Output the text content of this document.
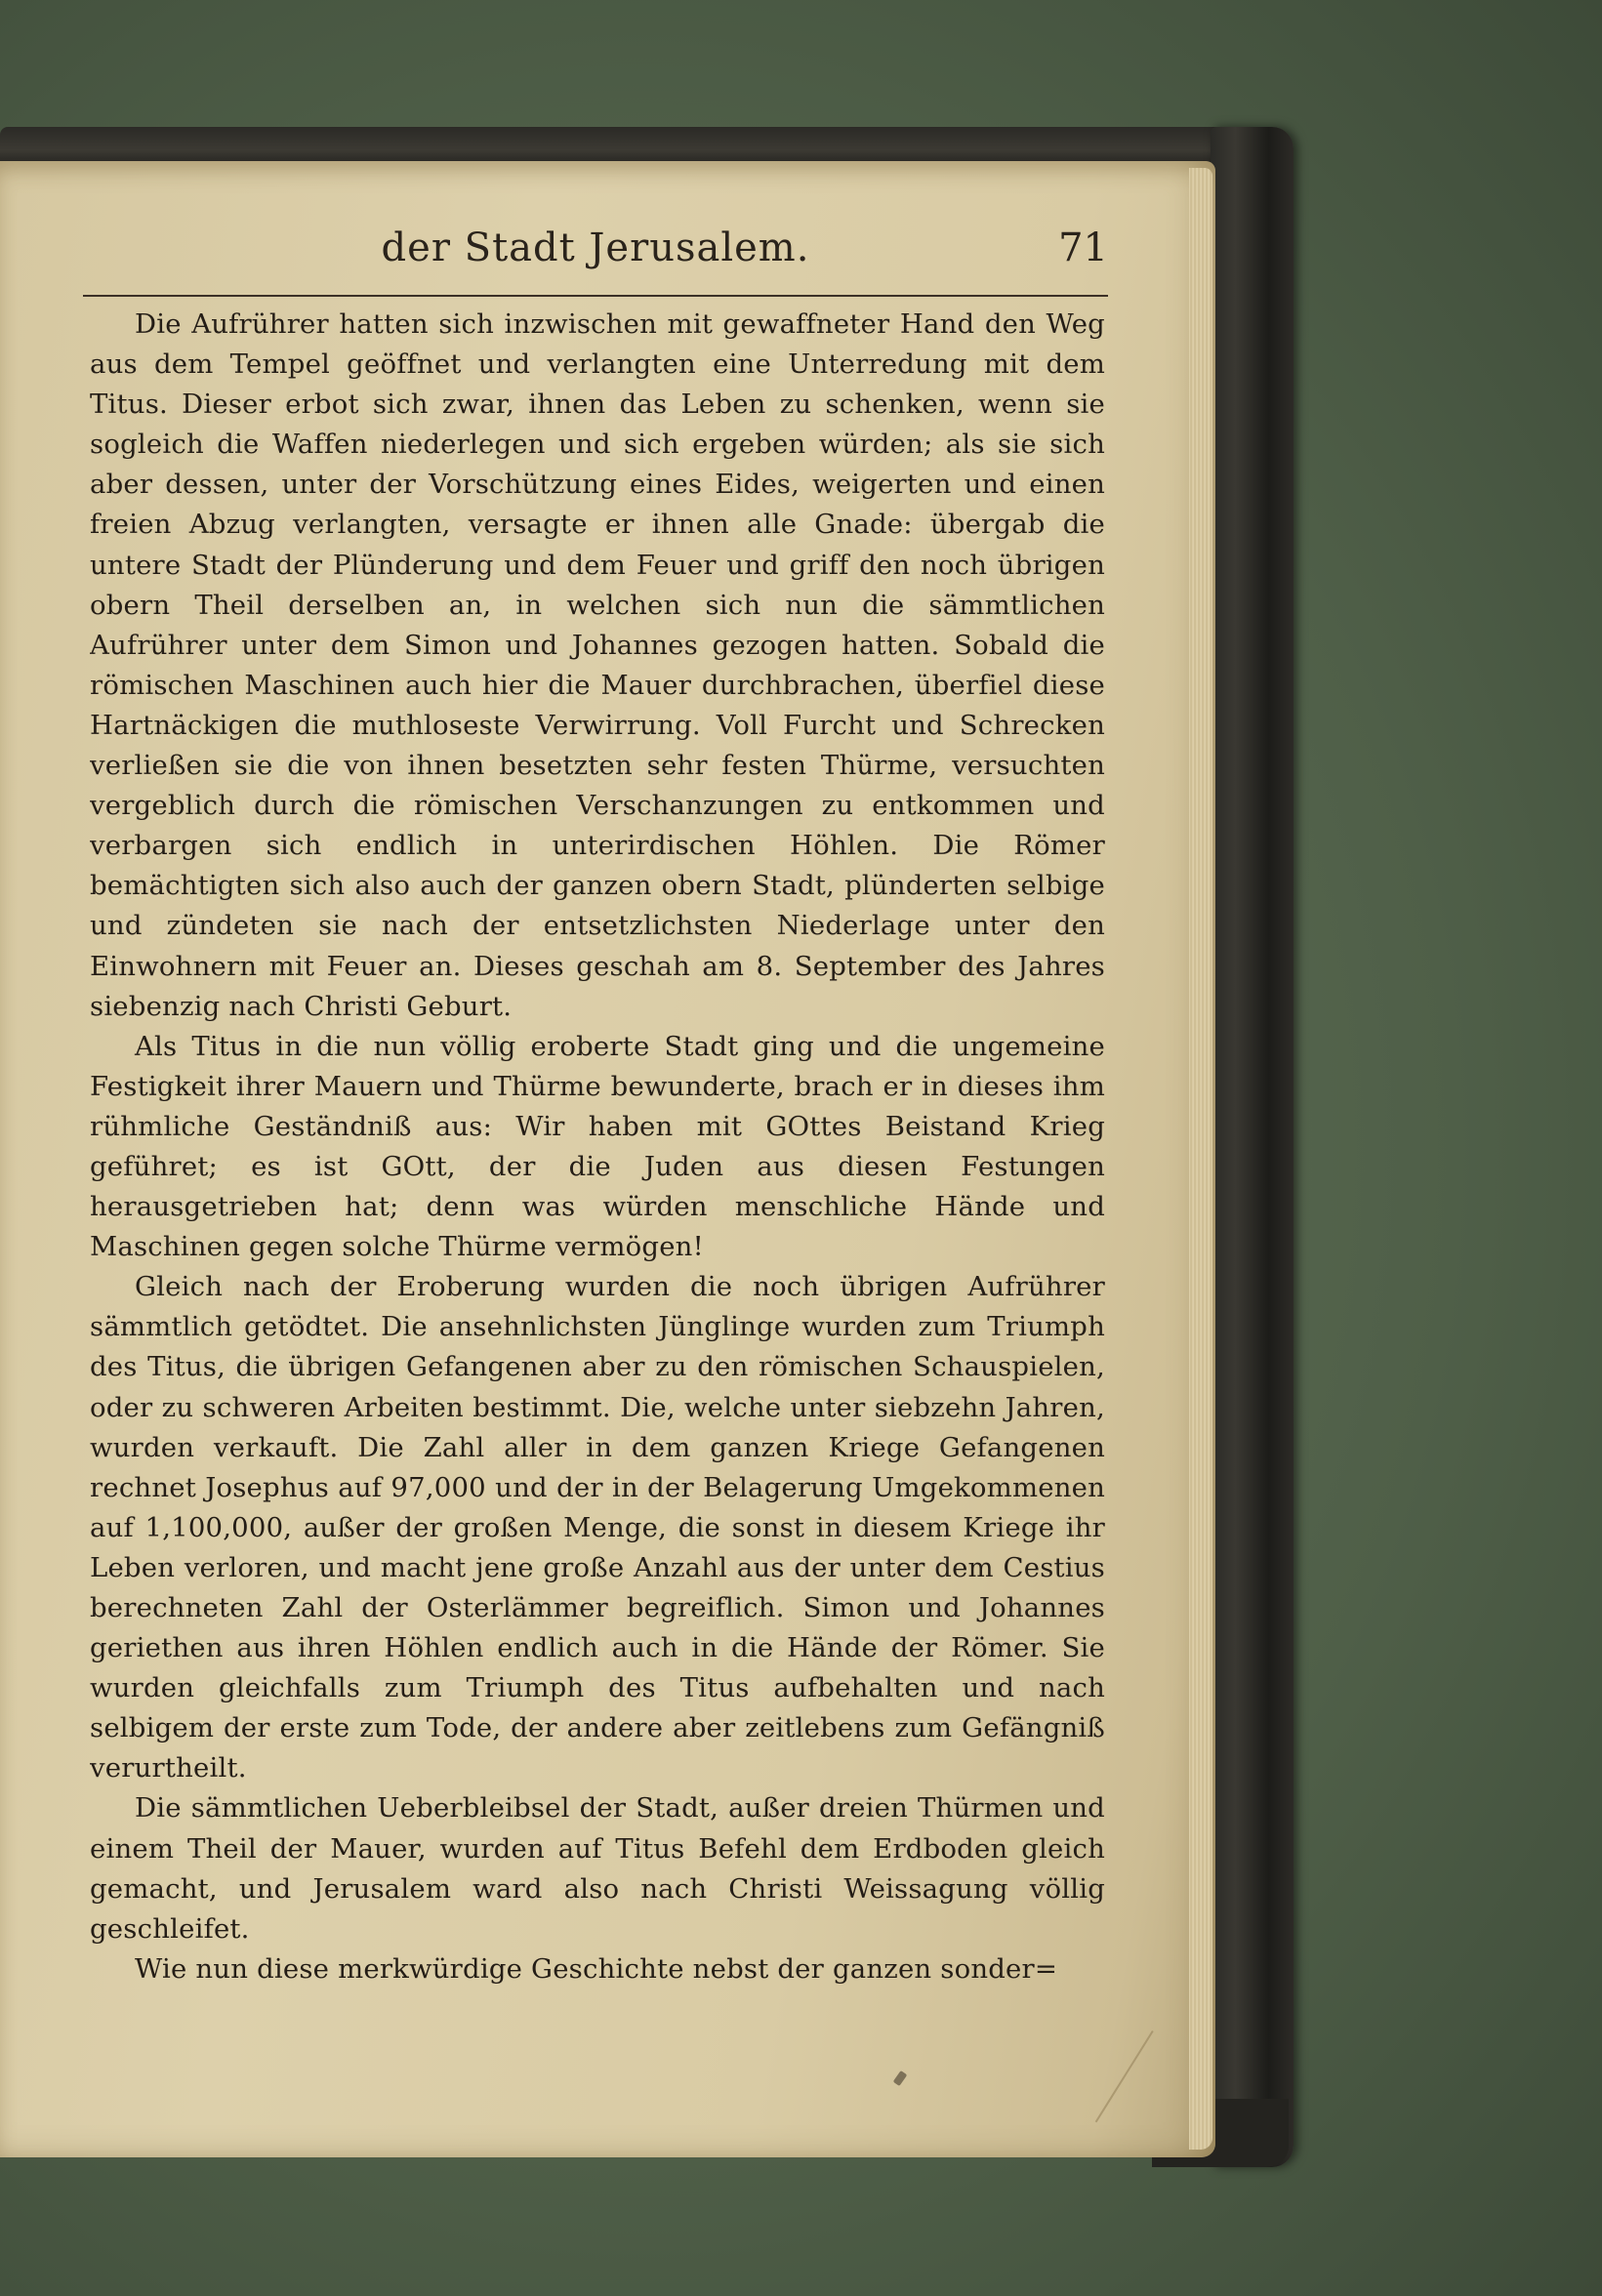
der Stadt Jerusalem.	71

Die Aufrührer hatten sich inzwischen mit gewaffneter Hand den Weg aus dem Tempel geöffnet und verlangten eine Unterredung mit dem Titus. Dieser erbot sich zwar, ihnen das Leben zu schenken, wenn sie sogleich die Waffen niederlegen und sich ergeben würden; als sie sich aber dessen, unter der Vorschützung eines Eides, weigerten und einen freien Abzug verlangten, versagte er ihnen alle Gnade: übergab die untere Stadt der Plünderung und dem Feuer und griff den noch übrigen obern Theil derselben an, in welchen sich nun die sämmtlichen Aufrührer unter dem Simon und Johannes gezogen hatten. Sobald die römischen Maschinen auch hier die Mauer durchbrachen, überfiel diese Hartnäckigen die muthloseste Verwirrung. Voll Furcht und Schrecken verließen sie die von ihnen besetzten sehr festen Thürme, versuchten vergeblich durch die römischen Verschanzungen zu entkommen und verbargen sich endlich in unterirdischen Höhlen. Die Römer bemächtigten sich also auch der ganzen obern Stadt, plünderten selbige und zündeten sie nach der entsetzlichsten Niederlage unter den Einwohnern mit Feuer an. Dieses geschah am 8. September des Jahres siebenzig nach Christi Geburt.

Als Titus in die nun völlig eroberte Stadt ging und die ungemeine Festigkeit ihrer Mauern und Thürme bewunderte, brach er in dieses ihm rühmliche Geständniß aus: Wir haben mit GOttes Beistand Krieg geführet; es ist GOtt, der die Juden aus diesen Festungen herausgetrieben hat; denn was würden menschliche Hände und Maschinen gegen solche Thürme vermögen!

Gleich nach der Eroberung wurden die noch übrigen Aufrührer sämmtlich getödtet. Die ansehnlichsten Jünglinge wurden zum Triumph des Titus, die übrigen Gefangenen aber zu den römischen Schauspielen, oder zu schweren Arbeiten bestimmt. Die, welche unter siebzehn Jahren, wurden verkauft. Die Zahl aller in dem ganzen Kriege Gefangenen rechnet Josephus auf 97,000 und der in der Belagerung Umgekommenen auf 1,100,000, außer der großen Menge, die sonst in diesem Kriege ihr Leben verloren, und macht jene große Anzahl aus der unter dem Cestius berechneten Zahl der Osterlämmer begreiflich. Simon und Johannes geriethen aus ihren Höhlen endlich auch in die Hände der Römer. Sie wurden gleichfalls zum Triumph des Titus aufbehalten und nach selbigem der erste zum Tode, der andere aber zeitlebens zum Gefängniß verurtheilt.

Die sämmtlichen Ueberbleibsel der Stadt, außer dreien Thürmen und einem Theil der Mauer, wurden auf Titus Befehl dem Erdboden gleich gemacht, und Jerusalem ward also nach Christi Weissagung völlig geschleifet.

Wie nun diese merkwürdige Geschichte nebst der ganzen sonder=
